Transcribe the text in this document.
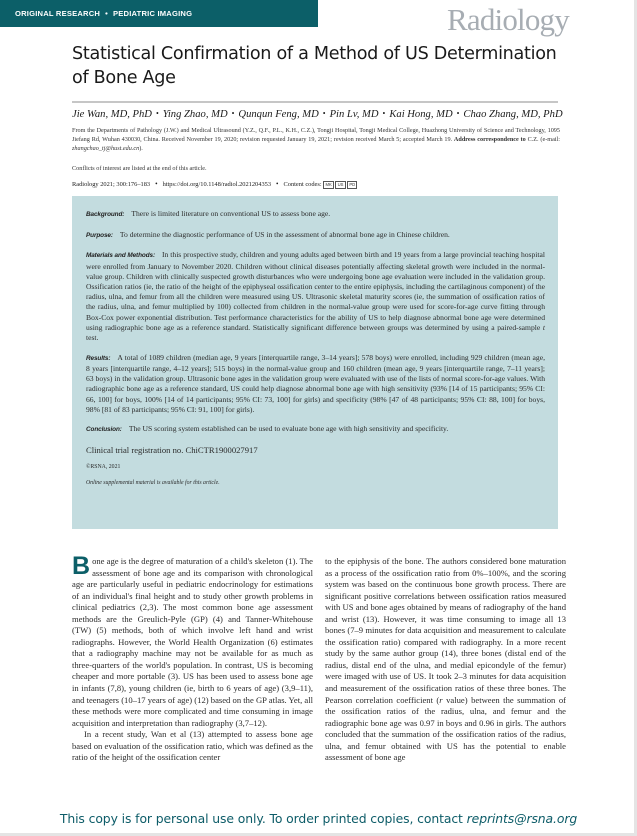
ORIGINAL RESEARCH • PEDIATRIC IMAGING	Radiology
Statistical Confirmation of a Method of US Determination of Bone Age
Jie Wan, MD, PhD • Ying Zhao, MD • Qunqun Feng, MD • Pin Lv, MD • Kai Hong, MD • Chao Zhang, MD, PhD
From the Departments of Pathology (J.W.) and Medical Ultrasound (Y.Z., Q.F., P.L., K.H., C.Z.), Tongji Hospital, Tongji Medical College, Huazhong University of Science and Technology, 1095 Jiefang Rd, Wuhan 430030, China. Received November 19, 2020; revision requested January 19, 2021; revision received March 5; accepted March 19. Address correspondence to C.Z. (e-mail: zhangchao_tj@hust.edu.cn).
Conflicts of interest are listed at the end of this article.
Radiology 2021; 300:176–183 • https://doi.org/10.1148/radiol.2021204353 • Content codes: MK US PD

Background: There is limited literature on conventional US to assess bone age.

Purpose: To determine the diagnostic performance of US in the assessment of abnormal bone age in Chinese children.

Materials and Methods: In this prospective study, children and young adults aged between birth and 19 years from a large provincial teaching hospital were enrolled from January to November 2020. Children without clinical diseases potentially affecting skeletal growth were included in the normal-value group. Children with clinically suspected growth disturbances who were undergoing bone age evaluation were included in the validation group. Ossification ratios (ie, the ratio of the height of the epiphyseal ossification center to the entire epiphysis, including the cartilaginous component) of the radius, ulna, and femur from all the children were measured using US. Ultrasonic skeletal maturity scores (ie, the summation of ossification ratios of the radius, ulna, and femur multiplied by 100) collected from children in the normal-value group were used for score-for-age curve fitting through Box-Cox power exponential distribution. Test performance characteristics for the ability of US to help diagnose abnormal bone age were determined using radiographic bone age as a reference standard. Statistically significant difference between groups was determined by using a paired-sample t test.

Results: A total of 1089 children (median age, 9 years [interquartile range, 3–14 years]; 578 boys) were enrolled, including 929 children (mean age, 8 years [interquartile range, 4–12 years]; 515 boys) in the normal-value group and 160 children (mean age, 9 years [interquartile range, 7–11 years]; 63 boys) in the validation group. Ultrasonic bone ages in the validation group were evaluated with use of the lists of normal score-for-age values. With radiographic bone age as a reference standard, US could help diagnose abnormal bone age with high sensitivity (93% [14 of 15 participants; 95% CI: 66, 100] for boys, 100% [14 of 14 participants; 95% CI: 73, 100] for girls) and specificity (98% [47 of 48 participants; 95% CI: 88, 100] for boys, 98% [81 of 83 participants; 95% CI: 91, 100] for girls).

Conclusion: The US scoring system established can be used to evaluate bone age with high sensitivity and specificity.

Clinical trial registration no. ChiCTR1900027917

©RSNA, 2021

Online supplemental material is available for this article.

Bone age is the degree of maturation of a child's skeleton (1). The assessment of bone age and its comparison with chronological age are particularly useful in pediatric endocrinology for estimations of an individual's final height and to study other growth problems in clinical pediatrics (2,3). The most common bone age assessment methods are the Greulich-Pyle (GP) (4) and Tanner-Whitehouse (TW) (5) methods, both of which involve left hand and wrist radiographs. However, the World Health Organization (6) estimates that a radiography machine may not be available for as much as three-quarters of the world's population. In contrast, US is becoming cheaper and more portable (3). US has been used to assess bone age in infants (7,8), young children (ie, birth to 6 years of age) (3,9–11), and teenagers (10–17 years of age) (12) based on the GP atlas. Yet, all these methods were more complicated and time consuming in image acquisition and interpretation than radiography (3,7–12).

In a recent study, Wan et al (13) attempted to assess bone age based on evaluation of the ossification ratio, which was defined as the ratio of the height of the ossification center

to the epiphysis of the bone. The authors considered bone maturation as a process of the ossification ratio from 0%–100%, and the scoring system was based on the continuous bone growth process. There are significant positive correlations between ossification ratios measured with US and bone ages obtained by means of radiography of the hand and wrist (13). However, it was time consuming to image all 13 bones (7–9 minutes for data acquisition and measurement to calculate the ossification ratio) compared with radiography. In a more recent study by the same author group (14), three bones (distal end of the radius, distal end of the ulna, and medial epicondyle of the femur) were imaged with use of US. It took 2–3 minutes for data acquisition and measurement of the ossification ratios of these three bones. The Pearson correlation coefficient (r value) between the summation of the ossification ratios of the radius, ulna, and femur and the radiographic bone age was 0.97 in boys and 0.96 in girls. The authors concluded that the summation of the ossification ratios of the radius, ulna, and femur obtained with US has the potential to enable assessment of bone age

This copy is for personal use only. To order printed copies, contact reprints@rsna.org
